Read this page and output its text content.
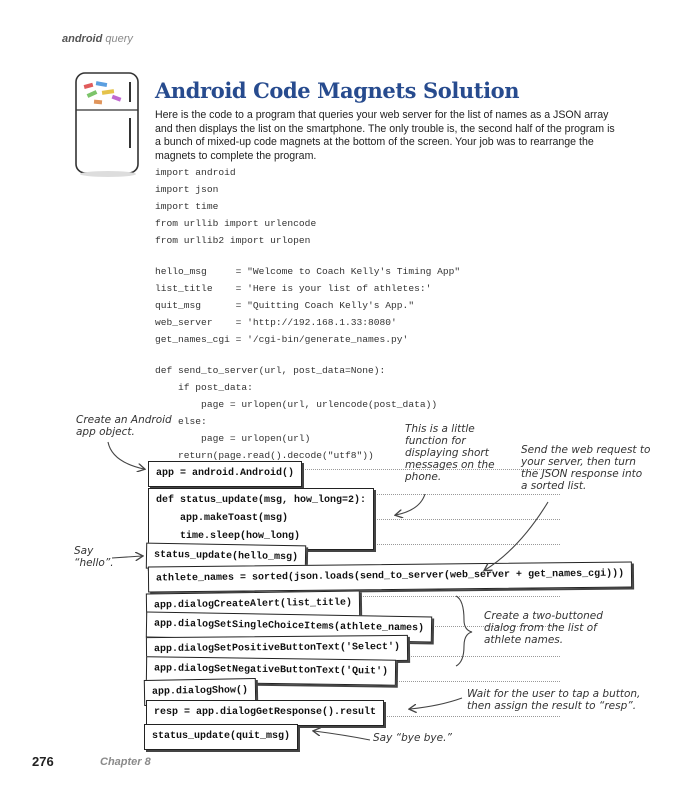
android query
Android Code Magnets Solution
Here is the code to a program that queries your web server for the list of names as a JSON array and then displays the list on the smartphone. The only trouble is, the second half of the program is a bunch of mixed-up code magnets at the bottom of the screen. Your job was to rearrange the magnets to complete the program.
import android
import json
import time
from urllib import urlencode
from urllib2 import urlopen
hello_msg     = "Welcome to Coach Kelly's Timing App"
list_title    = 'Here is your list of athletes:'
quit_msg      = "Quitting Coach Kelly's App."
web_server    = 'http://192.168.1.33:8080'
get_names_cgi = '/cgi-bin/generate_names.py'
def send_to_server(url, post_data=None):
if post_data:
page = urlopen(url, urlencode(post_data))
else:
page = urlopen(url)
return(page.read().decode("utf8"))
app = android.Android()
def status_update(msg, how_long=2):
app.makeToast(msg)
time.sleep(how_long)
status_update(hello_msg)
athlete_names = sorted(json.loads(send_to_server(web_server + get_names_cgi)))
app.dialogCreateAlert(list_title)
app.dialogSetSingleChoiceItems(athlete_names)
app.dialogSetPositiveButtonText('Select')
app.dialogSetNegativeButtonText('Quit')
app.dialogShow()
resp = app.dialogGetResponse().result
status_update(quit_msg)
Create an Android app object.	This is a little function for displaying short messages on the phone.
Send the web request to your server, then turn the JSON response into a sorted list.
Say “hello”.
Create a two-buttoned dialog from the list of athlete names.
Wait for the user to tap a button, then assign the result to “resp”.
Say “bye bye.”
276	Chapter 8
